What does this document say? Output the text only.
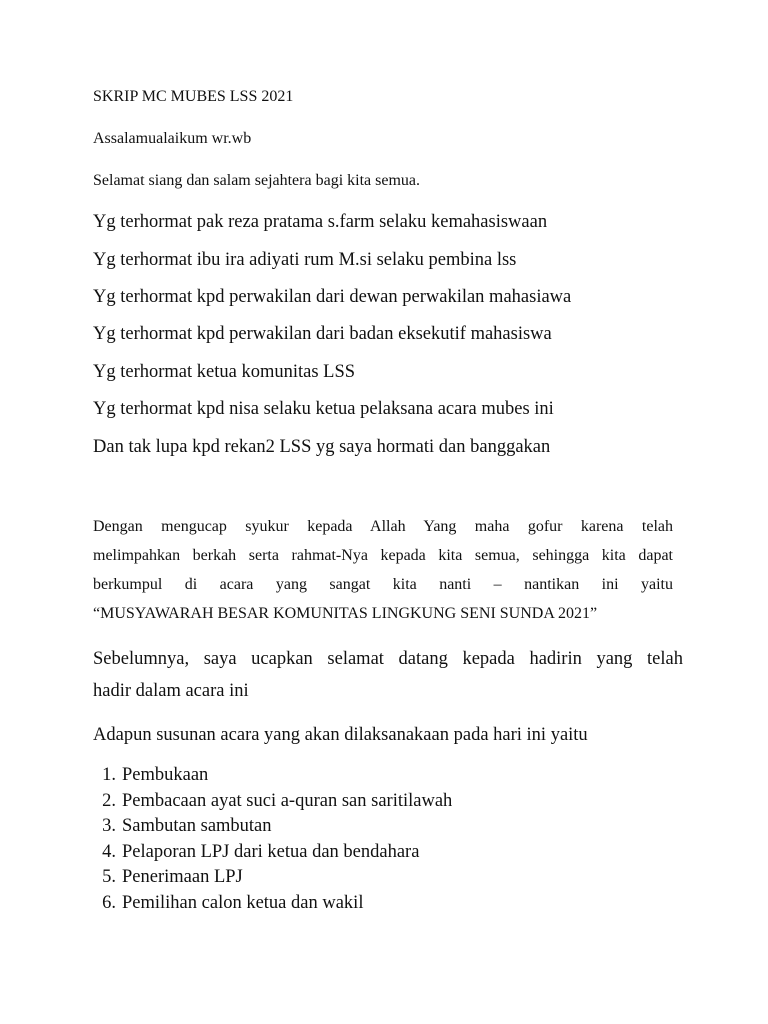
SKRIP MC MUBES LSS 2021

Assalamualaikum wr.wb

Selamat siang dan salam sejahtera bagi kita semua.

Yg terhormat pak reza pratama s.farm selaku kemahasiswaan

Yg terhormat ibu ira adiyati rum M.si selaku pembina lss

Yg terhormat kpd perwakilan dari dewan perwakilan mahasiawa

Yg terhormat kpd perwakilan dari badan eksekutif mahasiswa

Yg terhormat ketua komunitas LSS

Yg terhormat kpd nisa selaku ketua pelaksana acara mubes ini

Dan tak lupa kpd rekan2 LSS yg saya hormati dan banggakan

Dengan mengucap syukur kepada Allah Yang maha gofur karena telah
melimpahkan berkah serta rahmat-Nya kepada kita semua, sehingga kita dapat
berkumpul di acara yang sangat kita nanti – nantikan ini yaitu
“MUSYAWARAH BESAR KOMUNITAS LINGKUNG SENI SUNDA 2021”
Sebelumnya, saya ucapkan selamat datang kepada hadirin yang telah
hadir dalam acara ini

Adapun susunan acara yang akan dilaksanakaan pada hari ini yaitu

1. Pembukaan
2. Pembacaan ayat suci a-quran san saritilawah
3. Sambutan sambutan
4. Pelaporan LPJ dari ketua dan bendahara
5. Penerimaan LPJ
6. Pemilihan calon ketua dan wakil
